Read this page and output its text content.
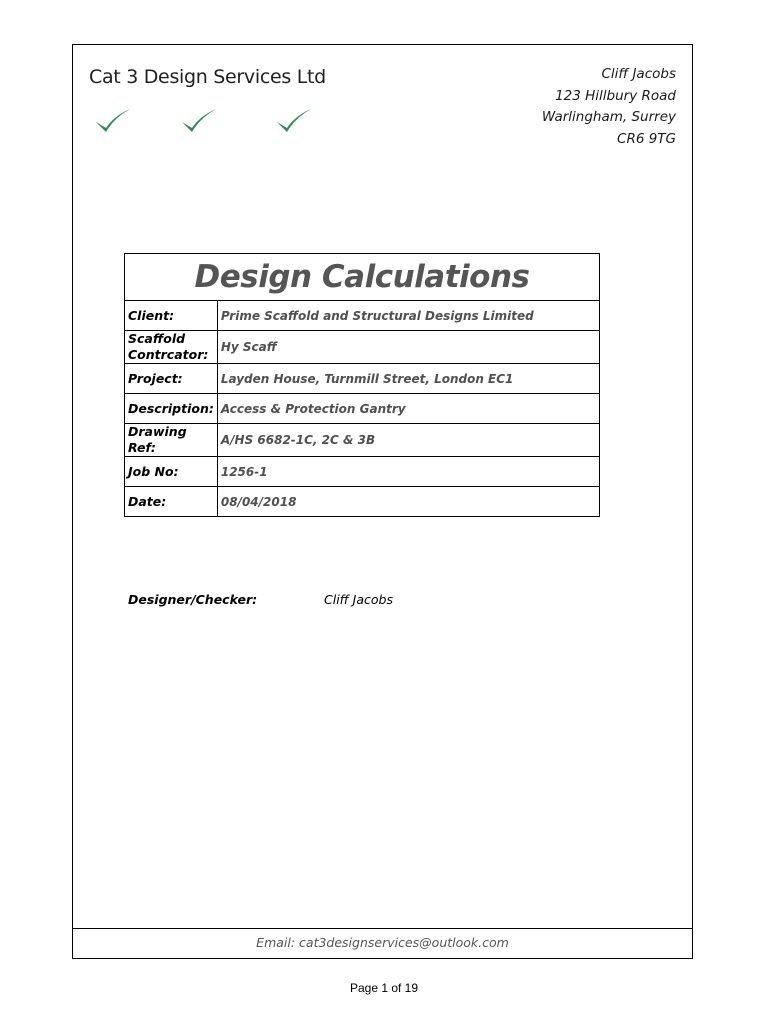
Cat 3 Design Services Ltd	Cliff Jacobs
123 Hillbury Road
Warlingham, Surrey
CR6 9TG
Design Calculations	
Client:	Prime Scaffold and Structural Designs Limited
Scaffold Contrcator:	Hy Scaff
Project:	Layden House, Turnmill Street, London EC1
Description:	Access & Protection Gantry
Drawing Ref:	A/HS 6682-1C, 2C & 3B
Job No:	1256-1
Date:	08/04/2018
Designer/Checker:	Cliff Jacobs
Email: cat3designservices@outlook.com
Page 1 of 19
